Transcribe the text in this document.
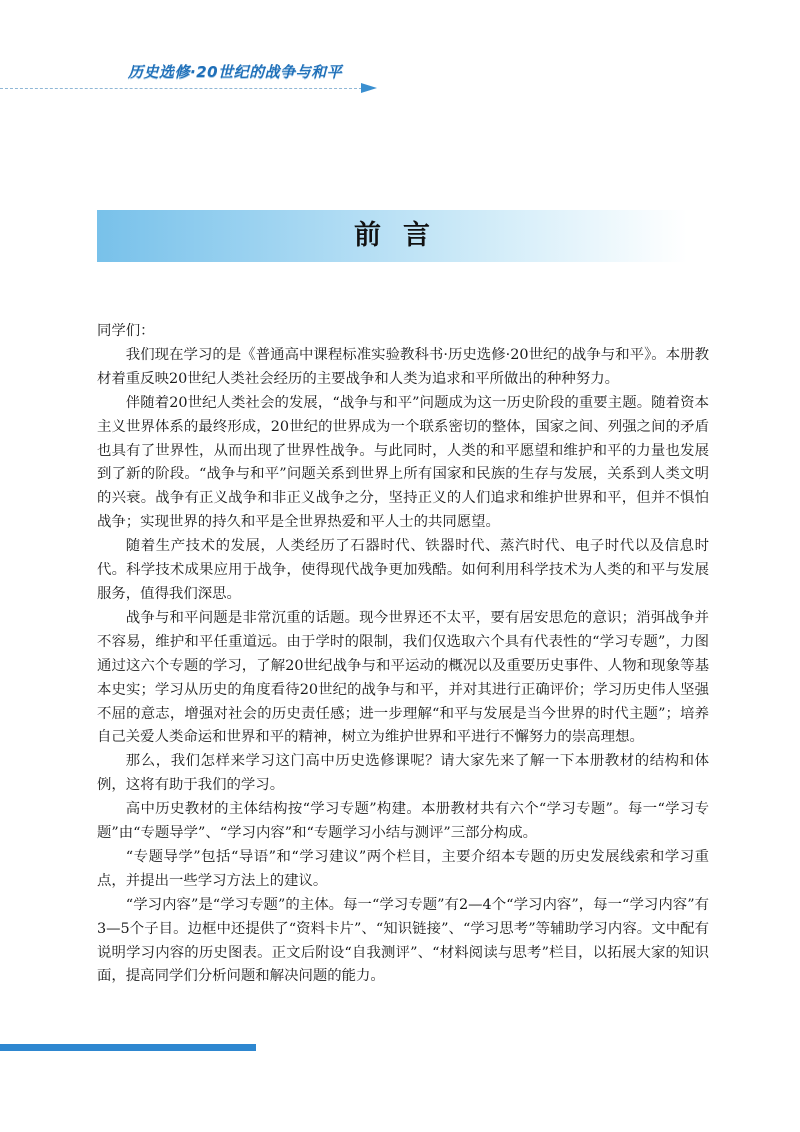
历史选修·20世纪的战争与和平
前言

同学们：

我们现在学习的是《普通高中课程标准实验教科书·历史选修·20世纪的战争与和平》。本册教材着重反映20世纪人类社会经历的主要战争和人类为追求和平所做出的种种努力。

伴随着20世纪人类社会的发展，“战争与和平”问题成为这一历史阶段的重要主题。随着资本主义世界体系的最终形成，20世纪的世界成为一个联系密切的整体，国家之间、列强之间的矛盾也具有了世界性，从而出现了世界性战争。与此同时，人类的和平愿望和维护和平的力量也发展到了新的阶段。“战争与和平”问题关系到世界上所有国家和民族的生存与发展，关系到人类文明的兴衰。战争有正义战争和非正义战争之分，坚持正义的人们追求和维护世界和平，但并不惧怕战争；实现世界的持久和平是全世界热爱和平人士的共同愿望。

随着生产技术的发展，人类经历了石器时代、铁器时代、蒸汽时代、电子时代以及信息时代。科学技术成果应用于战争，使得现代战争更加残酷。如何利用科学技术为人类的和平与发展服务，值得我们深思。

战争与和平问题是非常沉重的话题。现今世界还不太平，要有居安思危的意识；消弭战争并不容易，维护和平任重道远。由于学时的限制，我们仅选取六个具有代表性的“学习专题”，力图通过这六个专题的学习，了解20世纪战争与和平运动的概况以及重要历史事件、人物和现象等基本史实；学习从历史的角度看待20世纪的战争与和平，并对其进行正确评价；学习历史伟人坚强不屈的意志，增强对社会的历史责任感；进一步理解“和平与发展是当今世界的时代主题”；培养自己关爱人类命运和世界和平的精神，树立为维护世界和平进行不懈努力的崇高理想。

那么，我们怎样来学习这门高中历史选修课呢？请大家先来了解一下本册教材的结构和体例，这将有助于我们的学习。

高中历史教材的主体结构按“学习专题”构建。本册教材共有六个“学习专题”。每一“学习专题”由“专题导学”、“学习内容”和“专题学习小结与测评”三部分构成。

“专题导学”包括“导语”和“学习建议”两个栏目，主要介绍本专题的历史发展线索和学习重点，并提出一些学习方法上的建议。

“学习内容”是“学习专题”的主体。每一“学习专题”有2—4个“学习内容”，每一“学习内容”有3—5个子目。边框中还提供了“资料卡片”、“知识链接”、“学习思考”等辅助学习内容。文中配有说明学习内容的历史图表。正文后附设“自我测评”、“材料阅读与思考”栏目，以拓展大家的知识面，提高同学们分析问题和解决问题的能力。
